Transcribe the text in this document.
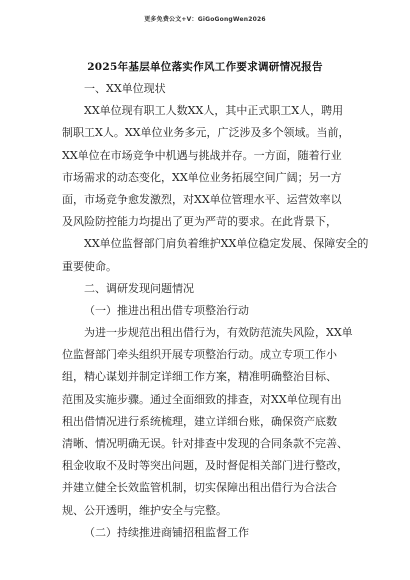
更多免费公文+V：GiGoGongWen2026
2025年基层单位落实作风工作要求调研情况报告
一、XX单位现状
XX单位现有职工人数XX人，其中正式职工X人，聘用
制职工X人。XX单位业务多元，广泛涉及多个领域。当前，
XX单位在市场竞争中机遇与挑战并存。一方面，随着行业
市场需求的动态变化，XX单位业务拓展空间广阔；另一方
面，市场竞争愈发激烈，对XX单位管理水平、运营效率以
及风险防控能力均提出了更为严苛的要求。在此背景下，
XX单位监督部门肩负着维护XX单位稳定发展、保障安全的
重要使命。
二、调研发现问题情况
（一）推进出租出借专项整治行动
为进一步规范出租出借行为，有效防范流失风险，XX单
位监督部门牵头组织开展专项整治行动。成立专项工作小
组，精心谋划并制定详细工作方案，精准明确整治目标、
范围及实施步骤。通过全面细致的排查，对XX单位现有出
租出借情况进行系统梳理，建立详细台账，确保资产底数
清晰、情况明确无误。针对排查中发现的合同条款不完善、
租金收取不及时等突出问题，及时督促相关部门进行整改，
并建立健全长效监管机制，切实保障出租出借行为合法合
规、公开透明，维护安全与完整。
（二）持续推进商铺招租监督工作
